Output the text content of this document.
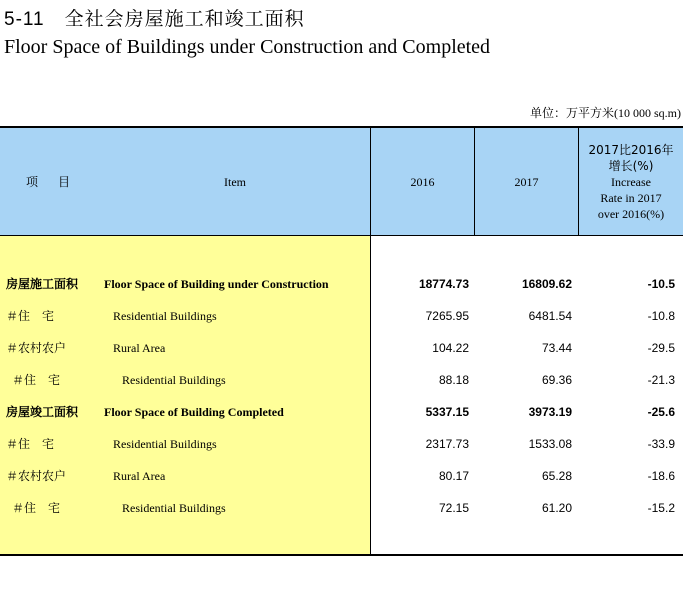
5-11 全社会房屋施工和竣工面积
Floor Space of Buildings under Construction and Completed
单位：万平方米(10 000 sq.m)
项　目	Item	2016	2017
2017比2016年
增长(%)
Increase
Rate in 2017
over 2016(%)
房屋施工面积 Floor Space of Building under Construction	18774.73	16809.62	-10.5
＃住　宅	Residential Buildings	7265.95	6481.54	-10.8
＃农村农户	Rural Area	104.22	73.44	-29.5
＃住　宅	Residential Buildings	88.18	69.36	-21.3
房屋竣工面积 Floor Space of Building Completed	5337.15	3973.19	-25.6
＃住　宅	Residential Buildings	2317.73	1533.08	-33.9
＃农村农户	Rural Area	80.17	65.28	-18.6
＃住　宅	Residential Buildings	72.15	61.20	-15.2
